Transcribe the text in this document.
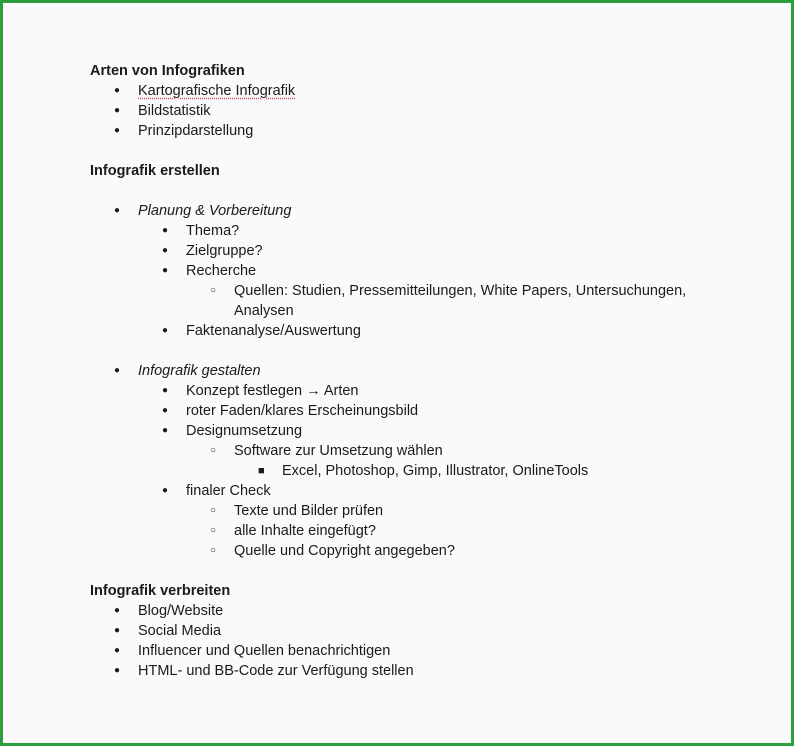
Arten von Infografiken
● Kartografische Infografik
● Bildstatistik
● Prinzipdarstellung
Infografik erstellen
● Planung & Vorbereitung
● Thema?
● Zielgruppe?
● Recherche
○ Quellen: Studien, Pressemitteilungen, White Papers, Untersuchungen,
Analysen
● Faktenanalyse/Auswertung
● Infografik gestalten
● Konzept festlegen → Arten
● roter Faden/klares Erscheinungsbild
● Designumsetzung
○ Software zur Umsetzung wählen
■ Excel, Photoshop, Gimp, Illustrator, OnlineTools
● finaler Check
○ Texte und Bilder prüfen
○ alle Inhalte eingefügt?
○ Quelle und Copyright angegeben?
Infografik verbreiten
● Blog/Website
● Social Media
● Influencer und Quellen benachrichtigen
● HTML- und BB-Code zur Verfügung stellen
